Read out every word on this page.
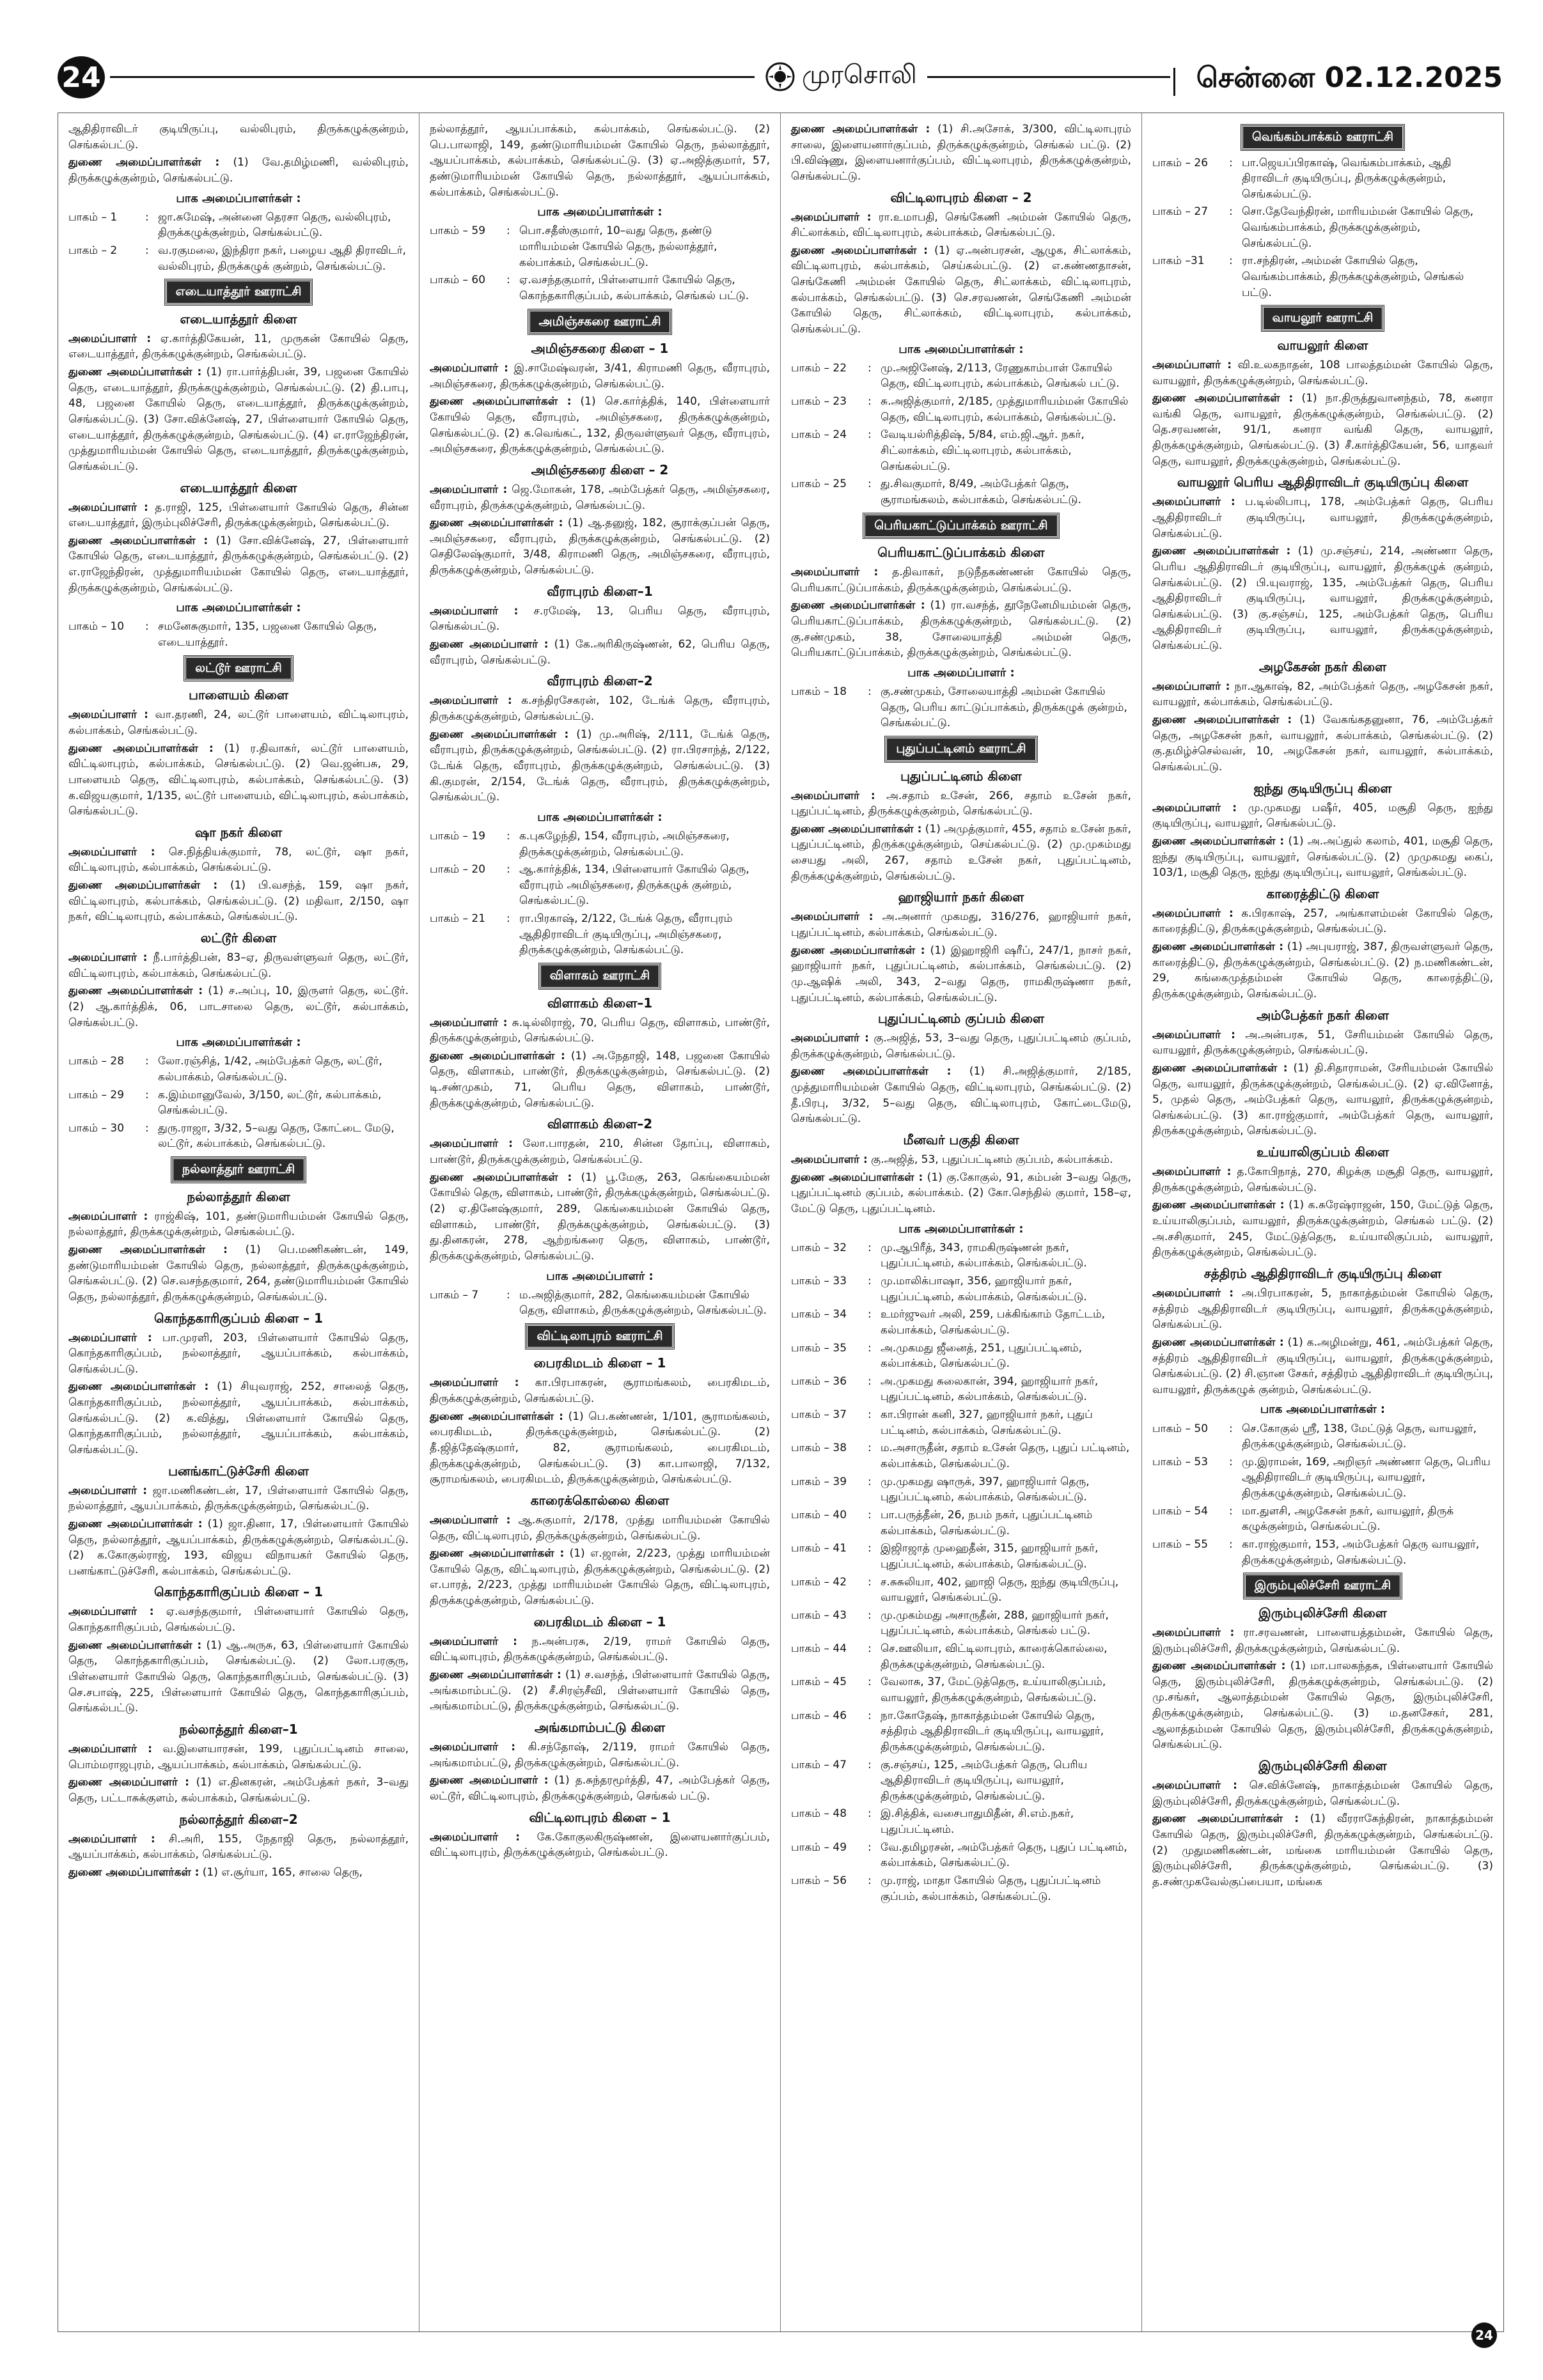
24	முரசொலி	சென்னை 02.12.2025
ஆதிதிராவிடர் குடியிருப்பு, வல்லிபுரம், திருக்கழுக்குன்றம், செங்கல்பட்டு.
துணை அமைப்பாளர்கள் : (1) வே.தமிழ்மணி, வல்லிபுரம், திருக்கழுக்குன்றம், செங்கல்பட்டு.
பாக அமைப்பாளர்கள் :
பாகம் – 1	: ஜா.சுமேஷ், அன்னை தெரசா தெரு, வல்லிபுரம், திருக்கழுக்குன்றம், செங்கல்பட்டு.
பாகம் – 2	: வ.ரகுமலை, இந்திரா நகர், பழைய ஆதி திராவிடர், வல்லிபுரம், திருக்கழுக் குன்றம், செங்கல்பட்டு.
எடையாத்தூர் ஊராட்சி
எடையாத்தூர் கிளை
அமைப்பாளர் : ஏ.கார்த்திகேயன், 11, முருகன் கோயில் தெரு, எடையாத்தூர், திருக்கழுக்குன்றம், செங்கல்பட்டு.
துணை அமைப்பாளர்கள் : (1) ரா.பார்த்திபன், 39, பஜனை கோயில் தெரு, எடையாத்தூர், திருக்கழுக்குன்றம், செங்கல்பட்டு. (2) தி.பாபு, 48, பஜனை கோயில் தெரு, எடையாத்தூர், திருக்கழுக்குன்றம், செங்கல்பட்டு. (3) சோ.விக்னேஷ், 27, பிள்ளையார் கோயில் தெரு, எடையாத்தூர், திருக்கழுக்குன்றம், செங்கல்பட்டு. (4) எ.ராஜேந்திரன், முத்துமாரியம்மன் கோயில் தெரு, எடையாத்தூர், திருக்கழுக்குன்றம், செங்கல்பட்டு.
எடையாத்தூர் கிளை
அமைப்பாளர் : த.ராஜி, 125, பிள்ளையார் கோயில் தெரு, சின்ன எடையாத்தூர், இரும்புலிச்சேரி, திருக்கழுக்குன்றம், செங்கல்பட்டு.
துணை அமைப்பாளர்கள் : (1) சோ.விக்னேஷ், 27, பிள்ளையார் கோயில் தெரு, எடையாத்தூர், திருக்கழுக்குன்றம், செங்கல்பட்டு. (2) எ.ராஜேந்திரன், முத்துமாரியம்மன் கோயில் தெரு, எடையாத்தூர், திருக்கழுக்குன்றம், செங்கல்பட்டு.
பாக அமைப்பாளர்கள் :
பாகம் – 10	: சமனேசுகுமார், 135, பஜனை கோயில் தெரு, எடையாத்தூர்.
லட்டூர் ஊராட்சி
பாளையம் கிளை
அமைப்பாளர் : வா.தரணி, 24, லட்டூர் பாளையம், விட்டிலாபுரம், கல்பாக்கம், செங்கல்பட்டு.
துணை அமைப்பாளர்கள் : (1) ர.திவாகர், லட்டூர் பாளையம், விட்டிலாபுரம், கல்பாக்கம், செங்கல்பட்டு. (2) வெ.ஜன்பசு, 29, பாளையம் தெரு, விட்டிலாபுரம், கல்பாக்கம், செங்கல்பட்டு. (3) க.விஜயகுமார், 1/135, லட்டூர் பாளையம், விட்டிலாபுரம், கல்பாக்கம், செங்கல்பட்டு.
ஷா நகர் கிளை
அமைப்பாளர் : செ.நித்தியக்குமார், 78, லட்டூர், ஷா நகர், விட்டிலாபுரம், கல்பாக்கம், செங்கல்பட்டு.
துணை அமைப்பாளர்கள் : (1) பி.வசந்த், 159, ஷா நகர், விட்டிலாபுரம், கல்பாக்கம், செங்கல்பட்டு. (2) மதிவா, 2/150, ஷா நகர், விட்டிலாபுரம், கல்பாக்கம், செங்கல்பட்டு.
லட்டூர் கிளை
அமைப்பாளர் : நீ.பார்த்திபன், 83–ஏ, திருவள்ளுவர் தெரு, லட்டூர், விட்டிலாபுரம், கல்பாக்கம், செங்கல்பட்டு.
துணை அமைப்பாளர்கள் : (1) ச.அப்பு, 10, இருளர் தெரு, லட்டூர். (2) ஆ.கார்த்திக், 06, பாடசாலை தெரு, லட்டூர், கல்பாக்கம், செங்கல்பட்டு.
பாக அமைப்பாளர்கள் :
பாகம் – 28	: லோ.ரஞ்சித், 1/42, அம்பேத்கர் தெரு, லட்டூர், கல்பாக்கம், செங்கல்பட்டு.
பாகம் – 29	: க.இம்மானுவேல், 3/150, லட்டூர், கல்பாக்கம், செங்கல்பட்டு.
பாகம் – 30	: துரு.ராஜா, 3/32, 5–வது தெரு, கோட்டை மேடு, லட்டூர், கல்பாக்கம், செங்கல்பட்டு.
நல்லாத்தூர் ஊராட்சி
நல்லாத்தூர் கிளை
அமைப்பாளர் : ராஜ்கிஷ், 101, தண்டுமாரியம்மன் கோயில் தெரு, நல்லாத்தூர், திருக்கழுக்குன்றம், செங்கல்பட்டு.
துணை அமைப்பாளர்கள் : (1) பெ.மணிகண்டன், 149, தண்டுமாரியம்மன் கோயில் தெரு, நல்லாத்தூர், திருக்கழுக்குன்றம், செங்கல்பட்டு. (2) செ.வசந்தகுமார், 264, தண்டுமாரியம்மன் கோயில் தெரு, நல்லாத்தூர், திருக்கழுக்குன்றம், செங்கல்பட்டு.
கொந்தகாரிகுப்பம் கிளை – 1
அமைப்பாளர் : பா.முரளி, 203, பிள்ளையார் கோயில் தெரு, கொந்தகாரிகுப்பம், நல்லாத்தூர், ஆயப்பாக்கம், கல்பாக்கம், செங்கல்பட்டு.
துணை அமைப்பாளர்கள் : (1) சியுவராஜ், 252, சாலைத் தெரு, கொந்தகாரிகுப்பம், நல்லாத்தூர், ஆயப்பாக்கம், கல்பாக்கம், செங்கல்பட்டு. (2) க.வித்து, பிள்ளையார் கோயில் தெரு, கொந்தகாரிகுப்பம், நல்லாத்தூர், ஆயப்பாக்கம், கல்பாக்கம், செங்கல்பட்டு.
பனங்காட்டுச்சேரி கிளை
அமைப்பாளர் : ஜா.மணிகண்டன், 17, பிள்ளையார் கோயில் தெரு, நல்லாத்தூர், ஆயப்பாக்கம், திருக்கழுக்குன்றம், செங்கல்பட்டு.
துணை அமைப்பாளர்கள் : (1) ஜா.தினா, 17, பிள்ளையார் கோயில் தெரு, நல்லாத்தூர், ஆயப்பாக்கம், திருக்கழுக்குன்றம், செங்கல்பட்டு. (2) க.கோகுல்ராஜ், 193, விஜய விநாயகர் கோயில் தெரு, பனங்காட்டுச்சேரி, கல்பாக்கம், செங்கல்பட்டு.
கொந்தகாரிகுப்பம் கிளை – 1
அமைப்பாளர் : ஏ.வசந்தகுமார், பிள்ளையார் கோயில் தெரு, கொந்தகாரிகுப்பம், செங்கல்பட்டு.
துணை அமைப்பாளர்கள் : (1) ஆ.அருசு, 63, பிள்ளையார் கோயில் தெரு, கொந்தகாரிகுப்பம், செங்கல்பட்டு. (2) லோ.பரகுரு, பிள்ளையார் கோயில் தெரு, கொந்தகாரிகுப்பம், செங்கல்பட்டு. (3) செ.சபாஷ், 225, பிள்ளையார் கோயில் தெரு, கொந்தகாரிகுப்பம், செங்கல்பட்டு.
நல்லாத்தூர் கிளை–1
அமைப்பாளர் : வ.இளையாரசன், 199, புதுப்பட்டினம் சாலை, பொம்மராஜபுரம், ஆயப்பாக்கம், கல்பாக்கம், செங்கல்பட்டு.
துணை அமைப்பாளர் : (1) எ.தினகரன், அம்பேத்கர் நகர், 3–வது தெரு, பட்டாசுக்குளம், கல்பாக்கம், செங்கல்பட்டு.
நல்லாத்தூர் கிளை–2
அமைப்பாளர் : சி.அரி, 155, நேதாஜி தெரு, நல்லாத்தூர், ஆயப்பாக்கம், கல்பாக்கம், செங்கல்பட்டு.
துணை அமைப்பாளர்கள் : (1) எ.சூர்யா, 165, சாலை தெரு,
நல்லாத்தூர், ஆயப்பாக்கம், கல்பாக்கம், செங்கல்பட்டு. (2) பெ.பாலாஜி, 149, தண்டுமாரியம்மன் கோயில் தெரு, நல்லாத்தூர், ஆயப்பாக்கம், கல்பாக்கம், செங்கல்பட்டு. (3) ஏ.அஜித்குமார், 57, தண்டுமாரியம்மன் கோயில் தெரு, நல்லாத்தூர், ஆயப்பாக்கம், கல்பாக்கம், செங்கல்பட்டு.
பாக அமைப்பாளர்கள் :
பாகம் – 59	: பொ.சதீஸ்குமார், 10–வது தெரு, தண்டு மாரியம்மன் கோயில் தெரு, நல்லாத்தூர், கல்பாக்கம், செங்கல்பட்டு.
பாகம் – 60	: ஏ.வசந்தகுமார், பிள்ளையார் கோயில் தெரு, கொந்தகாரிகுப்பம், கல்பாக்கம், செங்கல் பட்டு.
அமிஞ்சகரை ஊராட்சி
அமிஞ்சகரை கிளை – 1
அமைப்பாளர் : இ.சாமேஷ்வரன், 3/41, கிராமணி தெரு, வீராபுரம், அமிஞ்சகரை, திருக்கழுக்குன்றம், செங்கல்பட்டு.
துணை அமைப்பாளர்கள் : (1) செ.கார்த்திக், 140, பிள்ளையார் கோயில் தெரு, வீராபுரம், அமிஞ்சகரை, திருக்கழுக்குன்றம், செங்கல்பட்டு. (2) க.வெங்கட், 132, திருவள்ளுவர் தெரு, வீராபுரம், அமிஞ்சகரை, திருக்கழுக்குன்றம், செங்கல்பட்டு.
அமிஞ்சகரை கிளை – 2
அமைப்பாளர் : ஜெ.மோகன், 178, அம்பேத்கர் தெரு, அமிஞ்சகரை, வீராபுரம், திருக்கழுக்குன்றம், செங்கல்பட்டு.
துணை அமைப்பாளர்கள் : (1) ஆ.தனுஜ், 182, சூராக்குப்பன் தெரு, அமிஞ்சகரை, வீராபுரம், திருக்கழுக்குன்றம், செங்கல்பட்டு. (2) செதிலேஷ்குமார், 3/48, கிராமணி தெரு, அமிஞ்சகரை, வீராபுரம், திருக்கழுக்குன்றம், செங்கல்பட்டு.
வீராபுரம் கிளை–1
அமைப்பாளர் : ச.ரமேஷ், 13, பெரிய தெரு, வீராபுரம், செங்கல்பட்டு.
துணை அமைப்பாளர் : (1) கே.அரிகிருஷ்ணன், 62, பெரிய தெரு, வீராபுரம், செங்கல்பட்டு.
வீராபுரம் கிளை–2
அமைப்பாளர் : க.சந்திரசேகரன், 102, டேங்க் தெரு, வீராபுரம், திருக்கழுக்குன்றம், செங்கல்பட்டு.
துணை அமைப்பாளர்கள் : (1) மு.அரிஷ், 2/111, டேங்க் தெரு, வீராபுரம், திருக்கழுக்குன்றம், செங்கல்பட்டு. (2) ரா.பிரசாந்த், 2/122, டேங்க் தெரு, வீராபுரம், திருக்கழுக்குன்றம், செங்கல்பட்டு. (3) கி.குமரன், 2/154, டேங்க் தெரு, வீராபுரம், திருக்கழுக்குன்றம், செங்கல்பட்டு.
பாக அமைப்பாளர்கள் :
பாகம் – 19	: க.புகழேந்தி, 154, வீராபுரம், அமிஞ்சகரை, திருக்கழுக்குன்றம், செங்கல்பட்டு.
பாகம் – 20	: ஆ.கார்த்திக், 134, பிள்ளையார் கோயில் தெரு, வீராபுரம் அமிஞ்சகரை, திருக்கழுக் குன்றம், செங்கல்பட்டு.
பாகம் – 21	: ரா.பிரகாஷ், 2/122, டேங்க் தெரு, வீராபுரம் ஆதிதிராவிடர் குடியிருப்பு, அமிஞ்சகரை, திருக்கழுக்குன்றம், செங்கல்பட்டு.
விளாகம் ஊராட்சி
விளாகம் கிளை–1
அமைப்பாளர் : சு.டில்லிராஜ், 70, பெரிய தெரு, விளாகம், பாண்டூர், திருக்கழுக்குன்றம், செங்கல்பட்டு.
துணை அமைப்பாளர்கள் : (1) அ.நேதாஜி, 148, பஜனை கோயில் தெரு, விளாகம், பாண்டூர், திருக்கழுக்குன்றம், செங்கல்பட்டு. (2) டி.சண்முகம், 71, பெரிய தெரு, விளாகம், பாண்டூர், திருக்கழுக்குன்றம், செங்கல்பட்டு.
விளாகம் கிளை–2
அமைப்பாளர் : லோ.பாரதன், 210, சின்ன தோப்பு, விளாகம், பாண்டூர், திருக்கழுக்குன்றம், செங்கல்பட்டு.
துணை அமைப்பாளர்கள் : (1) பூ.மேகு, 263, கெங்கையம்மன் கோயில் தெரு, விளாகம், பாண்டூர், திருக்கழுக்குன்றம், செங்கல்பட்டு. (2) ஏ.தினேஷ்குமார், 289, கெங்கையம்மன் கோயில் தெரு, விளாகம், பாண்டூர், திருக்கழுக்குன்றம், செங்கல்பட்டு. (3) து.தினகரன், 278, ஆற்றங்கரை தெரு, விளாகம், பாண்டூர், திருக்கழுக்குன்றம், செங்கல்பட்டு.
பாக அமைப்பாளர் :
பாகம் – 7	: ம.அஜித்குமார், 282, கெங்கையம்மன் கோயில் தெரு, விளாகம், திருக்கழுக்குன்றம், செங்கல்பட்டு.
விட்டிலாபுரம் ஊராட்சி
பைரகிமடம் கிளை – 1
அமைப்பாளர் : கா.பிரபாகரன், சூராமங்கலம், பைரகிமடம், திருக்கழுக்குன்றம், செங்கல்பட்டு.
துணை அமைப்பாளர்கள் : (1) பெ.கண்ணன், 1/101, சூராமங்கலம், பைரகிமடம், திருக்கழுக்குன்றம், செங்கல்பட்டு. (2) தீ.ஜித்தேஷ்குமார், 82, சூராமங்கலம், பைரகிமடம், திருக்கழுக்குன்றம், செங்கல்பட்டு. (3) கா.பாலாஜி, 7/132, சூராமங்கலம், பைரகிமடம், திருக்கழுக்குன்றம், செங்கல்பட்டு.
காரைக்கொல்லை கிளை
அமைப்பாளர் : ஆ.சுகுமார், 2/178, முத்து மாரியம்மன் கோயில் தெரு, விட்டிலாபுரம், திருக்கழுக்குன்றம், செங்கல்பட்டு.
துணை அமைப்பாளர்கள் : (1) எ.ஜான், 2/223, முத்து மாரியம்மன் கோயில் தெரு, விட்டிலாபுரம், திருக்கழுக்குன்றம், செங்கல்பட்டு. (2) எ.பாரத், 2/223, முத்து மாரியம்மன் கோயில் தெரு, விட்டிலாபுரம், திருக்கழுக்குன்றம், செங்கல்பட்டு.
பைரகிமடம் கிளை – 1
அமைப்பாளர் : ந.அன்பரசு, 2/19, ராமர் கோயில் தெரு, விட்டிலாபுரம், திருக்கழுக்குன்றம், செங்கல்பட்டு.
துணை அமைப்பாளர்கள் : (1) ச.வசந்த், பிள்ளையார் கோயில் தெரு, அங்கமாம்பட்டு. (2) சீ.சிரஞ்சீவி, பிள்ளையார் கோயில் தெரு, அங்கமாம்பட்டு, திருக்கழுக்குன்றம், செங்கல்பட்டு.
அங்கமாம்பட்டு கிளை
அமைப்பாளர் : கி.சந்தோஷ், 2/119, ராமர் கோயில் தெரு, அங்கமாம்பட்டு, திருக்கழுக்குன்றம், செங்கல்பட்டு.
துணை அமைப்பாளர் : (1) த.சுந்தரமூர்த்தி, 47, அம்பேத்கர் தெரு, லட்டூர், விட்டிலாபுரம், திருக்கழுக்குன்றம், செங்கல் பட்டு.
விட்டிலாபுரம் கிளை – 1
அமைப்பாளர் : கே.கோகுலகிருஷ்ணன், இளையனார்குப்பம், விட்டிலாபுரம், திருக்கழுக்குன்றம், செங்கல்பட்டு.
துணை அமைப்பாளர்கள் : (1) சி.அசோக், 3/300, விட்டிலாபுரம் சாலை, இளையனார்குப்பம், திருக்கழுக்குன்றம், செங்கல் பட்டு. (2) பி.விஷ்ணு, இளையனார்குப்பம், விட்டிலாபுரம், திருக்கழுக்குன்றம், செங்கல்பட்டு.
விட்டிலாபுரம் கிளை – 2
அமைப்பாளர் : ரா.உமாபதி, செங்கேணி அம்மன் கோயில் தெரு, சிட்லாக்கம், விட்டிலாபுரம், கல்பாக்கம், செங்கல்பட்டு.
துணை அமைப்பாளர்கள் : (1) ஏ.அன்பரசன், ஆழுக, சிட்லாக்கம், விட்டிலாபுரம், கல்பாக்கம், செய்கல்பட்டு. (2) எ.கண்ணதாசன், செங்கேணி அம்மன் கோயில் தெரு, சிட்லாக்கம், விட்டிலாபுரம், கல்பாக்கம், செங்கல்பட்டு. (3) செ.சரவணன், செங்கேணி அம்மன் கோயில் தெரு, சிட்லாக்கம், விட்டிலாபுரம், கல்பாக்கம், செங்கல்பட்டு.
பாக அமைப்பாளர்கள் :
பாகம் – 22	: மு.அஜினேஷ், 2/113, ரேணுகாம்பாள் கோயில் தெரு, விட்டிலாபுரம், கல்பாக்கம், செங்கல் பட்டு.
பாகம் – 23	: சு.அஜித்குமார், 2/185, முத்துமாரியம்மன் கோயில் தெரு, விட்டிலாபுரம், கல்பாக்கம், செங்கல்பட்டு.
பாகம் – 24	: வேடியல்ரித்திஷ், 5/84, எம்.ஜி.ஆர். நகர், சிட்லாக்கம், விட்டிலாபுரம், கல்பாக்கம், செங்கல்பட்டு.
பாகம் – 25	: து.சிவகுமார், 8/49, அம்பேத்கர் தெரு, சூராமங்கலம், கல்பாக்கம், செங்கல்பட்டு.
பெரியகாட்டுப்பாக்கம் ஊராட்சி
பெரியகாட்டுப்பாக்கம் கிளை
அமைப்பாளர் : த.திவாகர், நடுநீதகண்ணன் கோயில் தெரு, பெரியகாட்டுப்பாக்கம், திருக்கழுக்குன்றம், செங்கல்பட்டு.
துணை அமைப்பாளர்கள் : (1) ரா.வசந்த், தூநேனேமியம்மன் தெரு, பெரியகாட்டுப்பாக்கம், திருக்கழுக்குன்றம், செங்கல்பட்டு. (2) கு.சண்முகம், 38, சோலையாத்தி அம்மன் தெரு, பெரியகாட்டுப்பாக்கம், திருக்கழுக்குன்றம், செங்கல்பட்டு.
பாக அமைப்பாளர் :
பாகம் – 18	: கு.சண்முகம், சோலையாத்தி அம்மன் கோயில் தெரு, பெரிய காட்டுப்பாக்கம், திருக்கழுக் குன்றம், செங்கல்பட்டு.
புதுப்பட்டினம் ஊராட்சி
புதுப்பட்டினம் கிளை
அமைப்பாளர் : அ.சதாம் உசேன், 266, சதாம் உசேன் நகர், புதுப்பட்டினம், திருக்கழுக்குன்றம், செங்கல்பட்டு.
துணை அமைப்பாளர்கள் : (1) அமுத்குமார், 455, சதாம் உசேன் நகர், புதுப்பட்டினம், திருக்கழுக்குன்றம், செய்கல்பட்டு. (2) மு.முகம்மது சையது அலி, 267, சதாம் உசேன் நகர், புதுப்பட்டினம், திருக்கழுக்குன்றம், செங்கல்பட்டு.
ஹாஜியார் நகர் கிளை
அமைப்பாளர் : அ.அனார் முகமது, 316/276, ஹாஜியார் நகர், புதுப்பட்டினம், கல்பாக்கம், செங்கல்பட்டு.
துணை அமைப்பாளர்கள் : (1) இஹாஜிரி ஷரீப், 247/1, நாசர் நகர், ஹாஜியார் நகர், புதுப்பட்டினம், கல்பாக்கம், செங்கல்பட்டு. (2) மு.ஆஷிக் அலி, 343, 2–வது தெரு, ராமகிருஷ்ணா நகர், புதுப்பட்டினம், கல்பாக்கம், செங்கல்பட்டு.
புதுப்பட்டினம் குப்பம் கிளை
அமைப்பாளர் : கு.அஜித், 53, 3–வது தெரு, புதுப்பட்டினம் குப்பம், திருக்கழுக்குன்றம், செங்கல்பட்டு.
துணை அமைப்பாளர்கள் : (1) சி.அஜித்குமார், 2/185, முத்துமாரியம்மன் கோயில் தெரு, விட்டிலாபுரம், செங்கல்பட்டு. (2) தீ.பிரபு, 3/32, 5–வது தெரு, விட்டிலாபுரம், கோட்டைமேடு, செங்கல்பட்டு.
மீனவர் பகுதி கிளை
அமைப்பாளர் : கு.அஜித், 53, புதுப்பட்டினம் குப்பம், கல்பாக்கம்.
துணை அமைப்பாளர்கள் : (1) கு.கோகுல், 91, கம்பன் 3–வது தெரு, புதுப்பட்டினம் குப்பம், கல்பாக்கம். (2) கோ.செந்தில் குமார், 158–ஏ, மேட்டு தெரு, புதுப்பட்டினம்.
பாக அமைப்பாளர்கள் :
பாகம் – 32	: மு.ஆபிரீத், 343, ராமகிருஷ்ணன் நகர், புதுப்பட்டினம், கல்பாக்கம், செங்கல்பட்டு.
பாகம் – 33	: மு.மாலிக்பாஷா, 356, ஹாஜியார் நகர், புதுப்பட்டினம், கல்பாக்கம், செங்கல்பட்டு.
பாகம் – 34	: உமர்ஜுவர் அலி, 259, பக்கிங்காம் தோட்டம், கல்பாக்கம், செங்கல்பட்டு.
பாகம் – 35	: அ.முகமது ஜீனைத், 251, புதுப்பட்டினம், கல்பாக்கம், செங்கல்பட்டு.
பாகம் – 36	: அ.முகமது சுலைகான், 394, ஹாஜியார் நகர், புதுப்பட்டினம், கல்பாக்கம், செங்கல்பட்டு.
பாகம் – 37	: கா.பிரான் கனி, 327, ஹாஜியார் நகர், புதுப் பட்டினம், கல்பாக்கம், செங்கல்பட்டு.
பாகம் – 38	: ம.அசாருதீன், சதாம் உசேன் தெரு, புதுப் பட்டினம், கல்பாக்கம், செங்கல்பட்டு.
பாகம் – 39	: மு.முகமது ஷாருக், 397, ஹாஜியார் தெரு, புதுப்பட்டினம், கல்பாக்கம், செங்கல்பட்டு.
பாகம் – 40	: பா.பருத்தீன், 26, நபம் நகர், புதுப்பட்டினம் கல்பாக்கம், செங்கல்பட்டு.
பாகம் – 41	: இஜிாஜாத் முஹைதீன், 315, ஹாஜியார் நகர், புதுப்பட்டினம், கல்பாக்கம், செங்கல்பட்டு.
பாகம் – 42	: ச.சுசுலியா, 402, ஹாஜி தெரு, ஐந்து குடியிருப்பு, வாயலூர், செங்கல்பட்டு.
பாகம் – 43	: மு.முகம்மது அசாருதீன், 288, ஹாஜியார் நகர், புதுப்பட்டினம், கல்பாக்கம், செங்கல் பட்டு.
பாகம் – 44	: செ.ஊலியா, விட்டிலாபுரம், காரைக்கொல்லை, திருக்கழுக்குன்றம், செங்கல்பட்டு.
பாகம் – 45	: வேலாசு, 37, மேட்டுத்தெரு, உய்யாலிகுப்பம், வாயலூர், திருக்கழுக்குன்றம், செங்கல்பட்டு.
பாகம் – 46	: நா.கோதேஷ், நாகாத்தம்மன் கோயில் தெரு, சத்திரம் ஆதிதிராவிடர் குடியிருப்பு, வாயலூர், திருக்கழுக்குன்றம், செங்கல்பட்டு.
பாகம் – 47	: கு.சஞ்சய், 125, அம்பேத்கர் தெரு, பெரிய ஆதிதிராவிடர் குடியிருப்பு, வாயலூர், திருக்கழுக்குன்றம், செங்கல்பட்டு.
பாகம் – 48	: இ.சித்திக், வசைபாதுமிதீன், சி.எம்.நகர், புதுப்பட்டினம்.
பாகம் – 49	: வே.தமிழரசன், அம்பேத்கர் தெரு, புதுப் பட்டினம், கல்பாக்கம், செங்கல்பட்டு.
பாகம் – 56	: மு.ராஜ், மாதா கோயில் தெரு, புதுப்பட்டினம் குப்பம், கல்பாக்கம், செங்கல்பட்டு.
வெங்கம்பாக்கம் ஊராட்சி
பாகம் – 26	: பா.ஜெயப்பிரகாஷ், வெங்கம்பாக்கம், ஆதி திராவிடர் குடியிருப்பு, திருக்கழுக்குன்றம், செங்கல்பட்டு.
பாகம் – 27	: சொ.தேவேந்திரன், மாரியம்மன் கோயில் தெரு, வெங்கம்பாக்கம், திருக்கழுக்குன்றம், செங்கல்பட்டு.
பாகம் –31	: ரா.சந்திரன், அம்மன் கோயில் தெரு, வெங்கம்பாக்கம், திருக்கழுக்குன்றம், செங்கல் பட்டு.
வாயலூர் ஊராட்சி
வாயலூர் கிளை
அமைப்பாளர் : வி.உலகநாதன், 108 பாலத்தம்மன் கோயில் தெரு, வாயலூர், திருக்கழுக்குன்றம், செங்கல்பட்டு.
துணை அமைப்பாளர்கள் : (1) நா.திருத்துவானந்தம், 78, கனரா வங்கி தெரு, வாயலூர், திருக்கழுக்குன்றம், செங்கல்பட்டு. (2) தெ.சரவணன், 91/1, கனரா வங்கி தெரு, வாயலூர், திருக்கழுக்குன்றம், செங்கல்பட்டு. (3) சீ.கார்த்திகேயன், 56, யாதவர் தெரு, வாயலூர், திருக்கழுக்குன்றம், செங்கல்பட்டு.
வாயலூர் பெரிய ஆதிதிராவிடர் குடியிருப்பு கிளை
அமைப்பாளர் : ப.டில்லிபாபு, 178, அம்பேத்கர் தெரு, பெரிய ஆதிதிராவிடர் குடியிருப்பு, வாயலூர், திருக்கழுக்குன்றம், செங்கல்பட்டு.
துணை அமைப்பாளர்கள் : (1) மு.சஞ்சய், 214, அண்ணா தெரு, பெரிய ஆதிதிராவிடர் குடியிருப்பு, வாயலூர், திருக்கழுக் குன்றம், செங்கல்பட்டு. (2) பி.யுவராஜ், 135, அம்பேத்கர் தெரு, பெரிய ஆதிதிராவிடர் குடியிருப்பு, வாயலூர், திருக்கழுக்குன்றம், செங்கல்பட்டு. (3) கு.சஞ்சய், 125, அம்பேத்கர் தெரு, பெரிய ஆதிதிராவிடர் குடியிருப்பு, வாயலூர், திருக்கழுக்குன்றம், செங்கல்பட்டு.
அழகேசன் நகர் கிளை
அமைப்பாளர் : நா.ஆகாஷ், 82, அம்பேத்கர் தெரு, அழகேசன் நகர், வாயலூர், கல்பாக்கம், செங்கல்பட்டு.
துணை அமைப்பாளர்கள் : (1) வேகங்கதனுனா, 76, அம்பேத்கர் தெரு, அழகேசன் நகர், வாயலூர், கல்பாக்கம், செங்கல்பட்டு. (2) கு.தமிழ்ச்செல்வன், 10, அழகேசன் நகர், வாயலூர், கல்பாக்கம், செங்கல்பட்டு.
ஐந்து குடியிருப்பு கிளை
அமைப்பாளர் : மு.முகமது பஷீர், 405, மசூதி தெரு, ஐந்து குடியிருப்பு, வாயலூர், செங்கல்பட்டு.
துணை அமைப்பாளர்கள் : (1) அ.அப்துல் கலாம், 401, மசூதி தெரு, ஐந்து குடியிருப்பு, வாயலூர், செங்கல்பட்டு. (2) முமுகமது கைப், 103/1, மசூதி தெரு, ஐந்து குடியிருப்பு, வாயலூர், செங்கல்பட்டு.
காரைத்திட்டு கிளை
அமைப்பாளர் : க.பிரகாஷ், 257, அங்காளம்மன் கோயில் தெரு, காரைத்திட்டு, திருக்கழுக்குன்றம், செங்கல்பட்டு.
துணை அமைப்பாளர்கள் : (1) அபுயராஜ், 387, திருவள்ளுவர் தெரு, காரைத்திட்டு, திருக்கழுக்குன்றம், செங்கல்பட்டு. (2) ந.மணிகண்டன், 29, கங்கைமுத்தம்மன் கோயில் தெரு, காரைத்திட்டு, திருக்கழுக்குன்றம், செங்கல்பட்டு.
அம்பேத்கர் நகர் கிளை
அமைப்பாளர் : அ.அன்பரசு, 51, சேரியம்மன் கோயில் தெரு, வாயலூர், திருக்கழுக்குன்றம், செங்கல்பட்டு.
துணை அமைப்பாளர்கள் : (1) தி.சிதாராமன், சேரியம்மன் கோயில் தெரு, வாயலூர், திருக்கழுக்குன்றம், செங்கல்பட்டு. (2) ஏ.வினோத், 5, முதல் தெரு, அம்பேத்கர் தெரு, வாயலூர், திருக்கழுக்குன்றம், செங்கல்பட்டு. (3) கா.ராஜ்குமார், அம்பேத்கர் தெரு, வாயலூர், திருக்கழுக்குன்றம், செங்கல்பட்டு.
உய்யாலிகுப்பம் கிளை
அமைப்பாளர் : த.கோபிநாத், 270, கிழக்கு மசூதி தெரு, வாயலூர், திருக்கழுக்குன்றம், செங்கல்பட்டு.
துணை அமைப்பாளர்கள் : (1) க.சுரேஷ்ராஜன், 150, மேட்டுத் தெரு, உய்யாலிகுப்பம், வாயலூர், திருக்கழுக்குன்றம், செங்கல் பட்டு. (2) அ.சசிகுமார், 245, மேட்டுத்தெரு, உய்யாலிகுப்பம், வாயலூர், திருக்கழுக்குன்றம், செங்கல்பட்டு.
சத்திரம் ஆதிதிராவிடர் குடியிருப்பு கிளை
அமைப்பாளர் : அ.பிரபாகரன், 5, நாகாத்தம்மன் கோயில் தெரு, சத்திரம் ஆதிதிராவிடர் குடியிருப்பு, வாயலூர், திருக்கழுக்குன்றம், செங்கல்பட்டு.
துணை அமைப்பாளர்கள் : (1) க.அழிமன்று, 461, அம்பேத்கர் தெரு, சத்திரம் ஆதிதிராவிடர் குடியிருப்பு, வாயலூர், திருக்கழுக்குன்றம், செங்கல்பட்டு. (2) சி.ஞான சேகர், சத்திரம் ஆதிதிராவிடர் குடியிருப்பு, வாயலூர், திருக்கழுக் குன்றம், செங்கல்பட்டு.
பாக அமைப்பாளர்கள் :
பாகம் – 50	: செ.கோகுல் ஸ்ரீ, 138, மேட்டுத் தெரு, வாயலூர், திருக்கழுக்குன்றம், செங்கல்பட்டு.
பாகம் – 53	: மு.இராமன், 169, அறிஞர் அண்ணா தெரு, பெரிய ஆதிதிராவிடர் குடியிருப்பு, வாயலூர், திருக்கழுக்குன்றம், செங்கல்பட்டு.
பாகம் – 54	: மா.துளசி, அழகேசன் நகர், வாயலூர், திருக் கழுக்குன்றம், செங்கல்பட்டு.
பாகம் – 55	: கா.ராஜ்குமார், 153, அம்பேத்கர் தெரு வாயலூர், திருக்கழுக்குன்றம், செங்கல்பட்டு.
இரும்புலிச்சேரி ஊராட்சி
இரும்புலிச்சேரி கிளை
அமைப்பாளர் : ரா.சரவணன், பாளையத்தம்மன், கோயில் தெரு, இரும்புலிச்சேரி, திருக்கழுக்குன்றம், செங்கல்பட்டு.
துணை அமைப்பாளர்கள் : (1) மா.பாலகந்தசு, பிள்ளையார் கோயில் தெரு, இரும்புலிச்சேரி, திருக்கழுக்குன்றம், செங்கல்பட்டு. (2) மு.சங்கர், ஆலாத்தம்மன் கோயில் தெரு, இரும்புலிச்சேரி, திருக்கழுக்குன்றம், செங்கல்பட்டு. (3) ம.தனசேகர், 281, ஆலாத்தம்மன் கோயில் தெரு, இரும்புலிச்சேரி, திருக்கழுக்குன்றம், செங்கல்பட்டு.
இரும்புலிச்சேரி கிளை
அமைப்பாளர் : செ.விக்னேஷ், நாகாத்தம்மன் கோயில் தெரு, இரும்புலிச்சேரி, திருக்கழுக்குன்றம், செங்கல்பட்டு.
துணை அமைப்பாளர்கள் : (1) வீரராகேந்திரன், நாகாத்தம்மன் கோயில் தெரு, இரும்புலிச்சேரி, திருக்கழுக்குன்றம், செங்கல்பட்டு. (2) முதுமணிகண்டன், மங்கை மாரியம்மன் கோயில் தெரு, இரும்புலிச்சேரி, திருக்கழுக்குன்றம், செங்கல்பட்டு. (3) த.சண்முகவேல்குப்பையா, மங்கை
24
